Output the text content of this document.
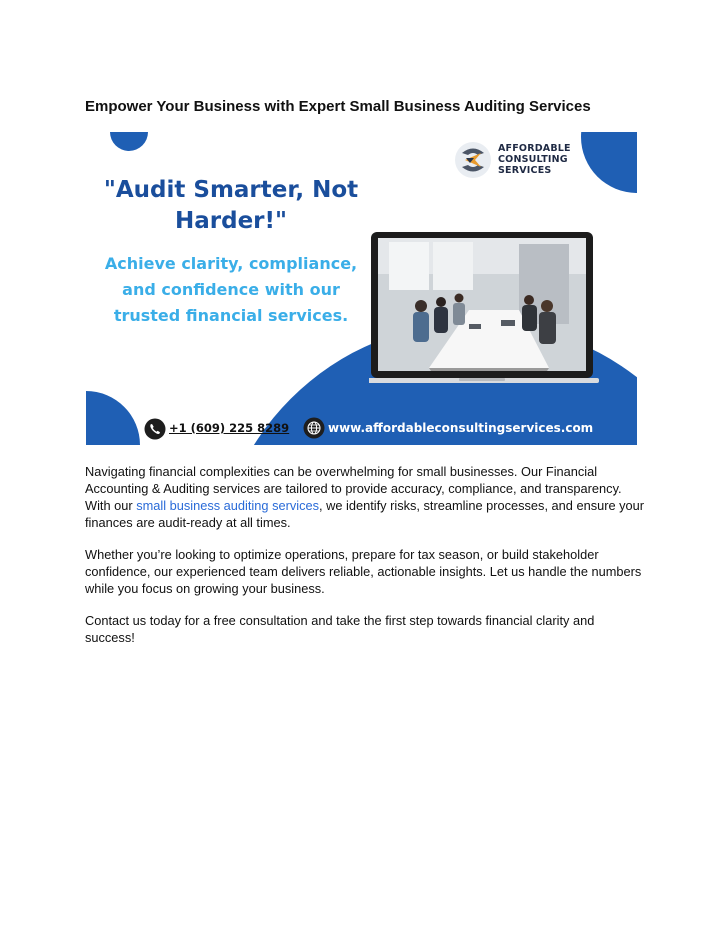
Empower Your Business with Expert Small Business Auditing Services
"Audit Smarter, Not
Harder!"
Achieve clarity, compliance,
and confidence with our
trusted financial services.
AFFORDABLE
CONSULTING
SERVICES
+1 (609) 225 8289	www.affordableconsultingservices.com

Navigating financial complexities can be overwhelming for small businesses. Our Financial Accounting & Auditing services are tailored to provide accuracy, compliance, and transparency. With our small business auditing services, we identify risks, streamline processes, and ensure your finances are audit-ready at all times.

Whether you’re looking to optimize operations, prepare for tax season, or build stakeholder confidence, our experienced team delivers reliable, actionable insights. Let us handle the numbers while you focus on growing your business.

Contact us today for a free consultation and take the first step towards financial clarity and success!
